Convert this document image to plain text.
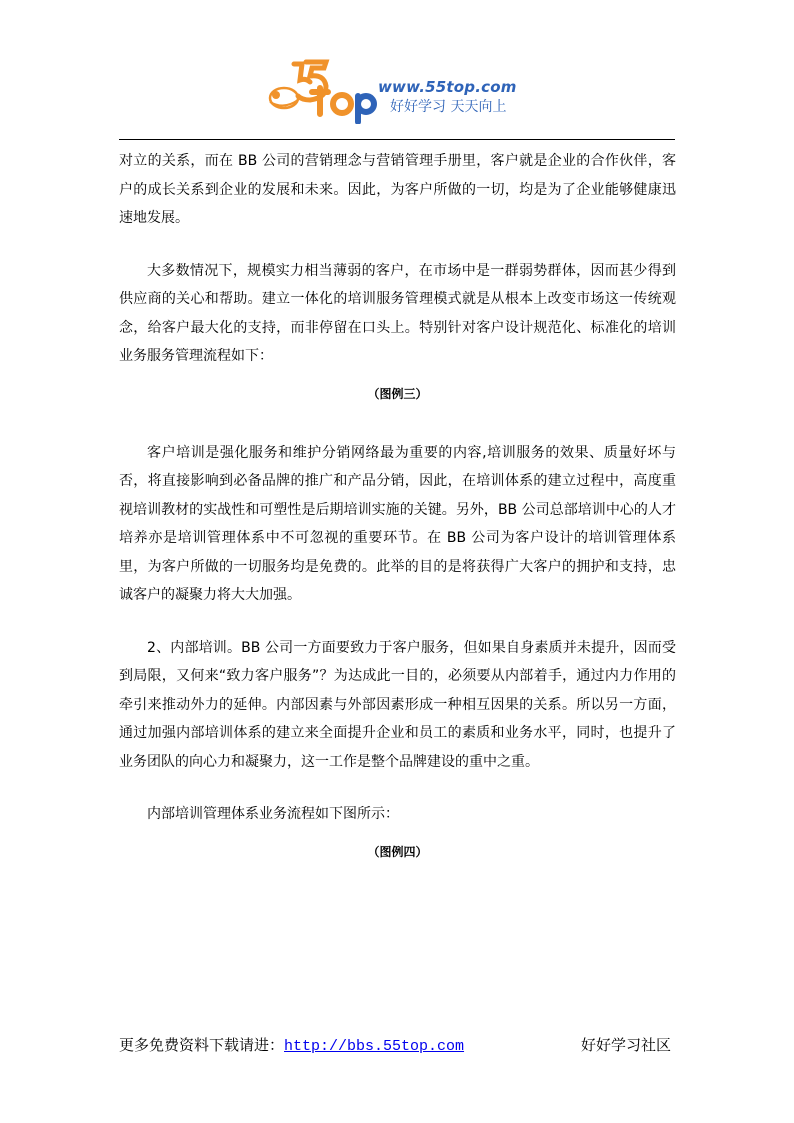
www.55top.com
好好学习 天天向上

对立的关系，而在 BB 公司的营销理念与营销管理手册里，客户就是企业的合作伙伴，客户的成长关系到企业的发展和未来。因此，为客户所做的一切，均是为了企业能够健康迅速地发展。

大多数情况下，规模实力相当薄弱的客户，在市场中是一群弱势群体，因而甚少得到供应商的关心和帮助。建立一体化的培训服务管理模式就是从根本上改变市场这一传统观念，给客户最大化的支持，而非停留在口头上。特别针对客户设计规范化、标准化的培训业务服务管理流程如下：

（图例三）

客户培训是强化服务和维护分销网络最为重要的内容,培训服务的效果、质量好坏与否，将直接影响到必备品牌的推广和产品分销，因此，在培训体系的建立过程中，高度重视培训教材的实战性和可塑性是后期培训实施的关键。另外，BB 公司总部培训中心的人才培养亦是培训管理体系中不可忽视的重要环节。在 BB 公司为客户设计的培训管理体系里，为客户所做的一切服务均是免费的。此举的目的是将获得广大客户的拥护和支持，忠诚客户的凝聚力将大大加强。

2、内部培训。BB 公司一方面要致力于客户服务，但如果自身素质并未提升，因而受到局限，又何来“致力客户服务”？为达成此一目的，必须要从内部着手，通过内力作用的牵引来推动外力的延伸。内部因素与外部因素形成一种相互因果的关系。所以另一方面，通过加强内部培训体系的建立来全面提升企业和员工的素质和业务水平，同时，也提升了业务团队的向心力和凝聚力，这一工作是整个品牌建设的重中之重。

内部培训管理体系业务流程如下图所示：

（图例四）

更多免费资料下载请进：http://bbs.55top.com	好好学习社区
